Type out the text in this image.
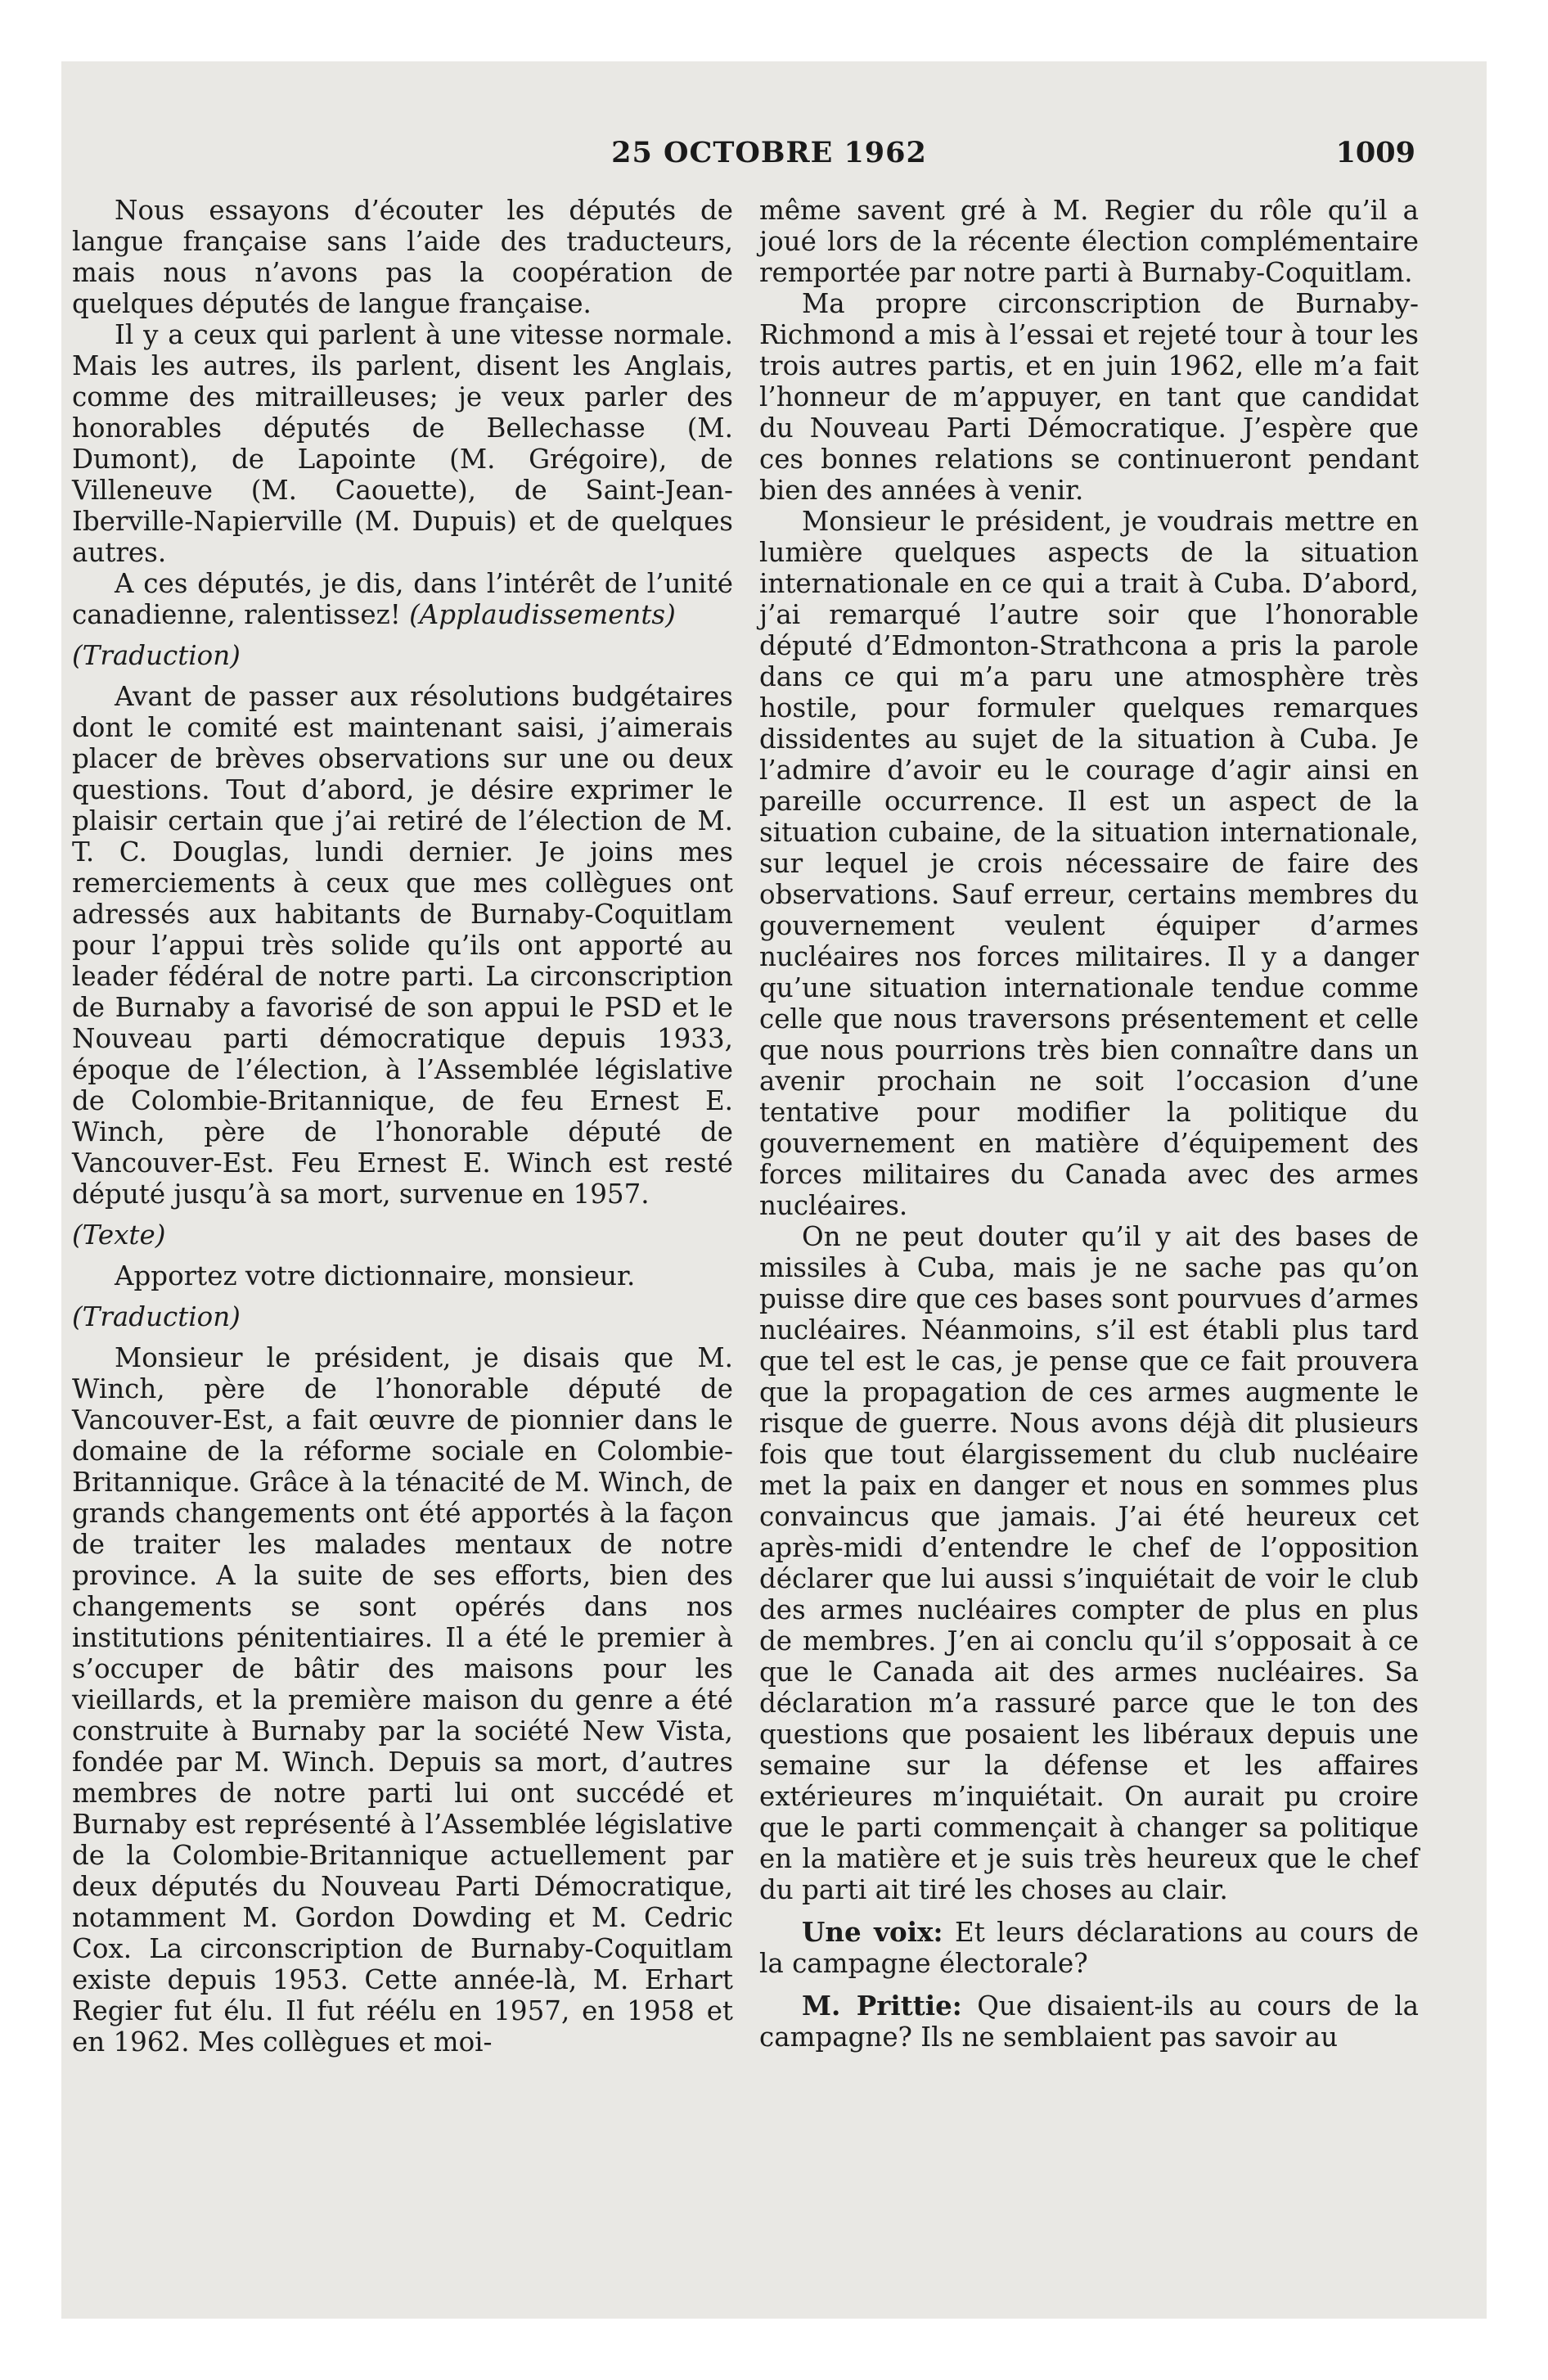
25 OCTOBRE 1962	1009

Nous essayons d’écouter les députés de langue française sans l’aide des traducteurs, mais nous n’avons pas la coopération de quelques députés de langue française.

Il y a ceux qui parlent à une vitesse normale. Mais les autres, ils parlent, disent les Anglais, comme des mitrailleuses; je veux parler des honorables députés de Bellechasse (M. Dumont), de Lapointe (M. Grégoire), de Villeneuve (M. Caouette), de Saint-Jean-Iberville-Napierville (M. Dupuis) et de quelques autres.

A ces députés, je dis, dans l’intérêt de l’unité canadienne, ralentissez! (Applaudissements)

(Traduction)

Avant de passer aux résolutions budgétaires dont le comité est maintenant saisi, j’aimerais placer de brèves observations sur une ou deux questions. Tout d’abord, je désire exprimer le plaisir certain que j’ai retiré de l’élection de M. T. C. Douglas, lundi dernier. Je joins mes remerciements à ceux que mes collègues ont adressés aux habitants de Burnaby-Coquitlam pour l’appui très solide qu’ils ont apporté au leader fédéral de notre parti. La circonscription de Burnaby a favorisé de son appui le PSD et le Nouveau parti démocratique depuis 1933, époque de l’élection, à l’Assemblée législative de Colombie-Britannique, de feu Ernest E. Winch, père de l’honorable député de Vancouver-Est. Feu Ernest E. Winch est resté député jusqu’à sa mort, survenue en 1957.

(Texte)

Apportez votre dictionnaire, monsieur.

(Traduction)

Monsieur le président, je disais que M. Winch, père de l’honorable député de Vancouver-Est, a fait œuvre de pionnier dans le domaine de la réforme sociale en Colombie-Britannique. Grâce à la ténacité de M. Winch, de grands changements ont été apportés à la façon de traiter les malades mentaux de notre province. A la suite de ses efforts, bien des changements se sont opérés dans nos institutions pénitentiaires. Il a été le premier à s’occuper de bâtir des maisons pour les vieillards, et la première maison du genre a été construite à Burnaby par la société New Vista, fondée par M. Winch. Depuis sa mort, d’autres membres de notre parti lui ont succédé et Burnaby est représenté à l’Assemblée législative de la Colombie-Britannique actuellement par deux députés du Nouveau Parti Démocratique, notamment M. Gordon Dowding et M. Cedric Cox. La circonscription de Burnaby-Coquitlam existe depuis 1953. Cette année-là, M. Erhart Regier fut élu. Il fut réélu en 1957, en 1958 et en 1962. Mes collègues et moi-

même savent gré à M. Regier du rôle qu’il a joué lors de la récente élection complémentaire remportée par notre parti à Burnaby-Coquitlam.

Ma propre circonscription de Burnaby-Richmond a mis à l’essai et rejeté tour à tour les trois autres partis, et en juin 1962, elle m’a fait l’honneur de m’appuyer, en tant que candidat du Nouveau Parti Démocratique. J’espère que ces bonnes relations se continueront pendant bien des années à venir.

Monsieur le président, je voudrais mettre en lumière quelques aspects de la situation internationale en ce qui a trait à Cuba. D’abord, j’ai remarqué l’autre soir que l’honorable député d’Edmonton-Strathcona a pris la parole dans ce qui m’a paru une atmosphère très hostile, pour formuler quelques remarques dissidentes au sujet de la situation à Cuba. Je l’admire d’avoir eu le courage d’agir ainsi en pareille occurrence. Il est un aspect de la situation cubaine, de la situation internationale, sur lequel je crois nécessaire de faire des observations. Sauf erreur, certains membres du gouvernement veulent équiper d’armes nucléaires nos forces militaires. Il y a danger qu’une situation internationale tendue comme celle que nous traversons présentement et celle que nous pourrions très bien connaître dans un avenir prochain ne soit l’occasion d’une tentative pour modifier la politique du gouvernement en matière d’équipement des forces militaires du Canada avec des armes nucléaires.

On ne peut douter qu’il y ait des bases de missiles à Cuba, mais je ne sache pas qu’on puisse dire que ces bases sont pourvues d’armes nucléaires. Néanmoins, s’il est établi plus tard que tel est le cas, je pense que ce fait prouvera que la propagation de ces armes augmente le risque de guerre. Nous avons déjà dit plusieurs fois que tout élargissement du club nucléaire met la paix en danger et nous en sommes plus convaincus que jamais. J’ai été heureux cet après-midi d’entendre le chef de l’opposition déclarer que lui aussi s’inquiétait de voir le club des armes nucléaires compter de plus en plus de membres. J’en ai conclu qu’il s’opposait à ce que le Canada ait des armes nucléaires. Sa déclaration m’a rassuré parce que le ton des questions que posaient les libéraux depuis une semaine sur la défense et les affaires extérieures m’inquiétait. On aurait pu croire que le parti commençait à changer sa politique en la matière et je suis très heureux que le chef du parti ait tiré les choses au clair.

Une voix: Et leurs déclarations au cours de la campagne électorale?

M. Prittie: Que disaient-ils au cours de la campagne? Ils ne semblaient pas savoir au
